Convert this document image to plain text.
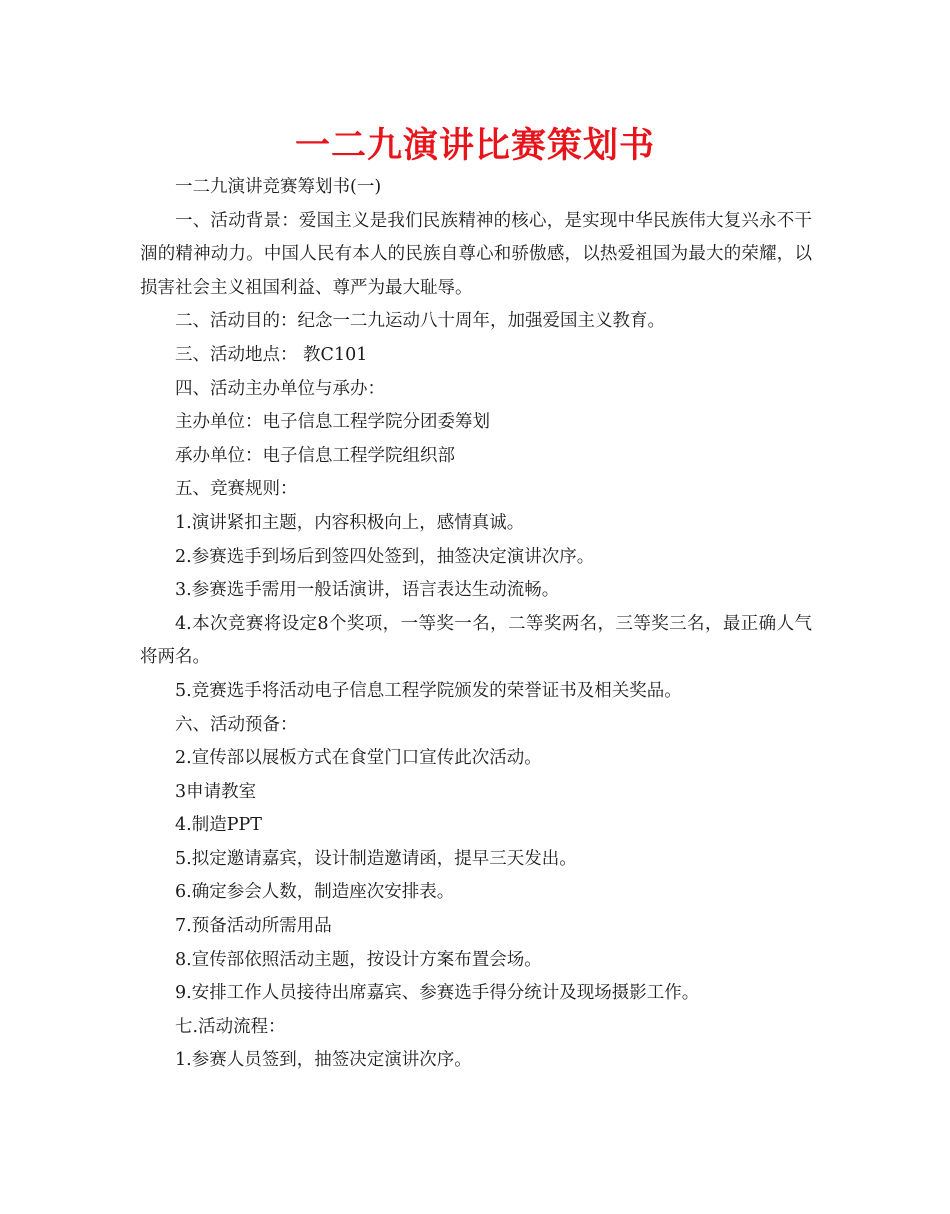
一二九演讲比赛策划书

一二九演讲竞赛筹划书(一)

一、活动背景：爱国主义是我们民族精神的核心，是实现中华民族伟大复兴永不干涸的精神动力。中国人民有本人的民族自尊心和骄傲感，以热爱祖国为最大的荣耀，以损害社会主义祖国利益、尊严为最大耻辱。

二、活动目的：纪念一二九运动八十周年，加强爱国主义教育。

三、活动地点： 教C101

四、活动主办单位与承办：

主办单位：电子信息工程学院分团委筹划

承办单位：电子信息工程学院组织部

五、竞赛规则：

1.演讲紧扣主题，内容积极向上，感情真诚。

2.参赛选手到场后到签四处签到，抽签决定演讲次序。

3.参赛选手需用一般话演讲，语言表达生动流畅。

4.本次竞赛将设定8个奖项，一等奖一名，二等奖两名，三等奖三名，最正确人气将两名。

5.竞赛选手将活动电子信息工程学院颁发的荣誉证书及相关奖品。

六、活动预备：

2.宣传部以展板方式在食堂门口宣传此次活动。

3申请教室

4.制造PPT

5.拟定邀请嘉宾，设计制造邀请函，提早三天发出。

6.确定参会人数，制造座次安排表。

7.预备活动所需用品

8.宣传部依照活动主题，按设计方案布置会场。

9.安排工作人员接待出席嘉宾、参赛选手得分统计及现场摄影工作。

七.活动流程：

1.参赛人员签到，抽签决定演讲次序。
